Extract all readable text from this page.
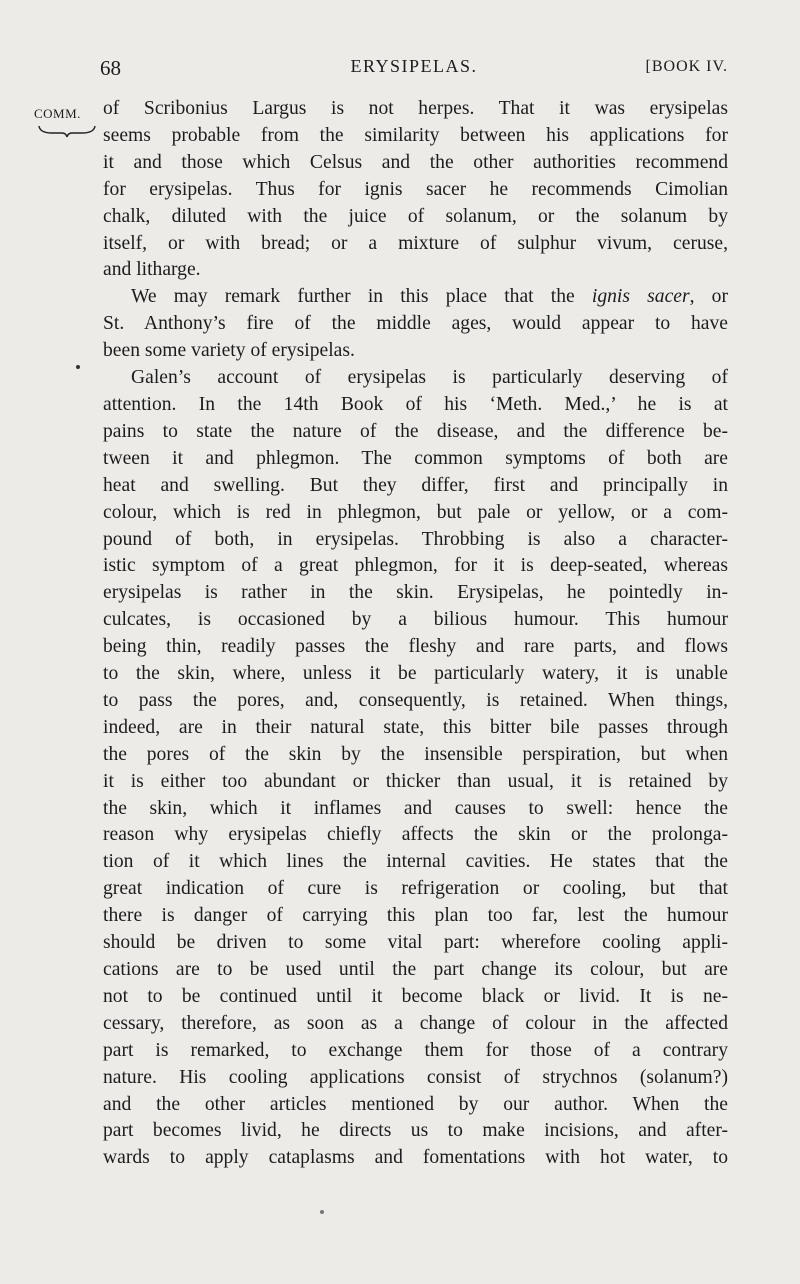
68	ERYSIPELAS.	[BOOK IV.
COMM. of Scribonius Largus is not herpes. That it was erysipelas

seems probable from the similarity between his applications for

it and those which Celsus and the other authorities recommend

for erysipelas. Thus for ignis sacer he recommends Cimolian

chalk, diluted with the juice of solanum, or the solanum by

itself, or with bread; or a mixture of sulphur vivum, ceruse,

and litharge.

We may remark further in this place that the ignis sacer, or

St. Anthony’s fire of the middle ages, would appear to have

been some variety of erysipelas.

Galen’s account of erysipelas is particularly deserving of

attention. In the 14th Book of his ‘Meth. Med.,’ he is at

pains to state the nature of the disease, and the difference be-

tween it and phlegmon. The common symptoms of both are

heat and swelling. But they differ, first and principally in

colour, which is red in phlegmon, but pale or yellow, or a com-

pound of both, in erysipelas. Throbbing is also a character-

istic symptom of a great phlegmon, for it is deep-seated, whereas

erysipelas is rather in the skin. Erysipelas, he pointedly in-

culcates, is occasioned by a bilious humour. This humour

being thin, readily passes the fleshy and rare parts, and flows

to the skin, where, unless it be particularly watery, it is unable

to pass the pores, and, consequently, is retained. When things,

indeed, are in their natural state, this bitter bile passes through

the pores of the skin by the insensible perspiration, but when

it is either too abundant or thicker than usual, it is retained by

the skin, which it inflames and causes to swell: hence the

reason why erysipelas chiefly affects the skin or the prolonga-

tion of it which lines the internal cavities. He states that the

great indication of cure is refrigeration or cooling, but that

there is danger of carrying this plan too far, lest the humour

should be driven to some vital part: wherefore cooling appli-

cations are to be used until the part change its colour, but are

not to be continued until it become black or livid. It is ne-

cessary, therefore, as soon as a change of colour in the affected

part is remarked, to exchange them for those of a contrary

nature. His cooling applications consist of strychnos (solanum?)

and the other articles mentioned by our author. When the

part becomes livid, he directs us to make incisions, and after-

wards to apply cataplasms and fomentations with hot water, to
